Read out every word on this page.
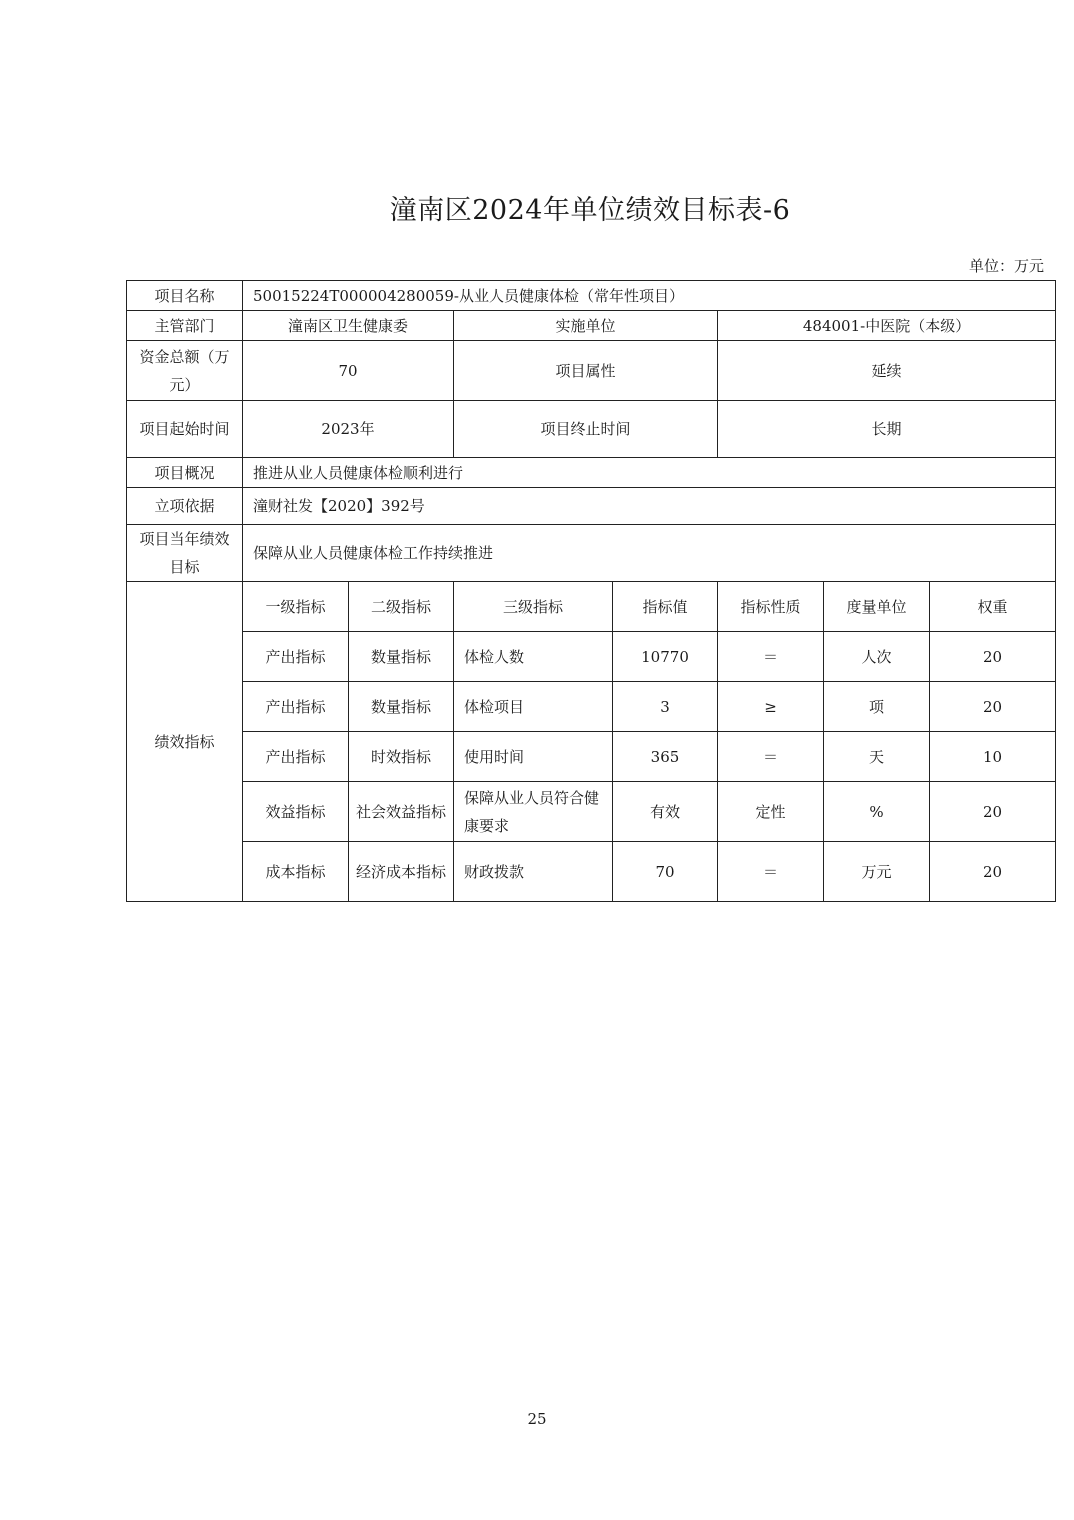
潼南区2024年单位绩效目标表-6
单位：万元
项目名称	50015224T000004280059-从业人员健康体检（常年性项目）						
主管部门	潼南区卫生健康委		实施单位		484001-中医院（本级）		
资金总额（万元）	70		项目属性		延续		
项目起始时间	2023年		项目终止时间		长期		
项目概况	推进从业人员健康体检顺利进行						
立项依据	潼财社发【2020】392号						
项目当年绩效目标	保障从业人员健康体检工作持续推进						
绩效指标	一级指标	二级指标	三级指标	指标值	指标性质	度量单位	权重
	产出指标	数量指标	体检人数	10770	＝	人次	20
	产出指标	数量指标	体检项目	3	≥	项	20
	产出指标	时效指标	使用时间	365	＝	天	10
	效益指标	社会效益指标	保障从业人员符合健康要求	有效	定性	%	20
	成本指标	经济成本指标	财政拨款	70	＝	万元	20
25
